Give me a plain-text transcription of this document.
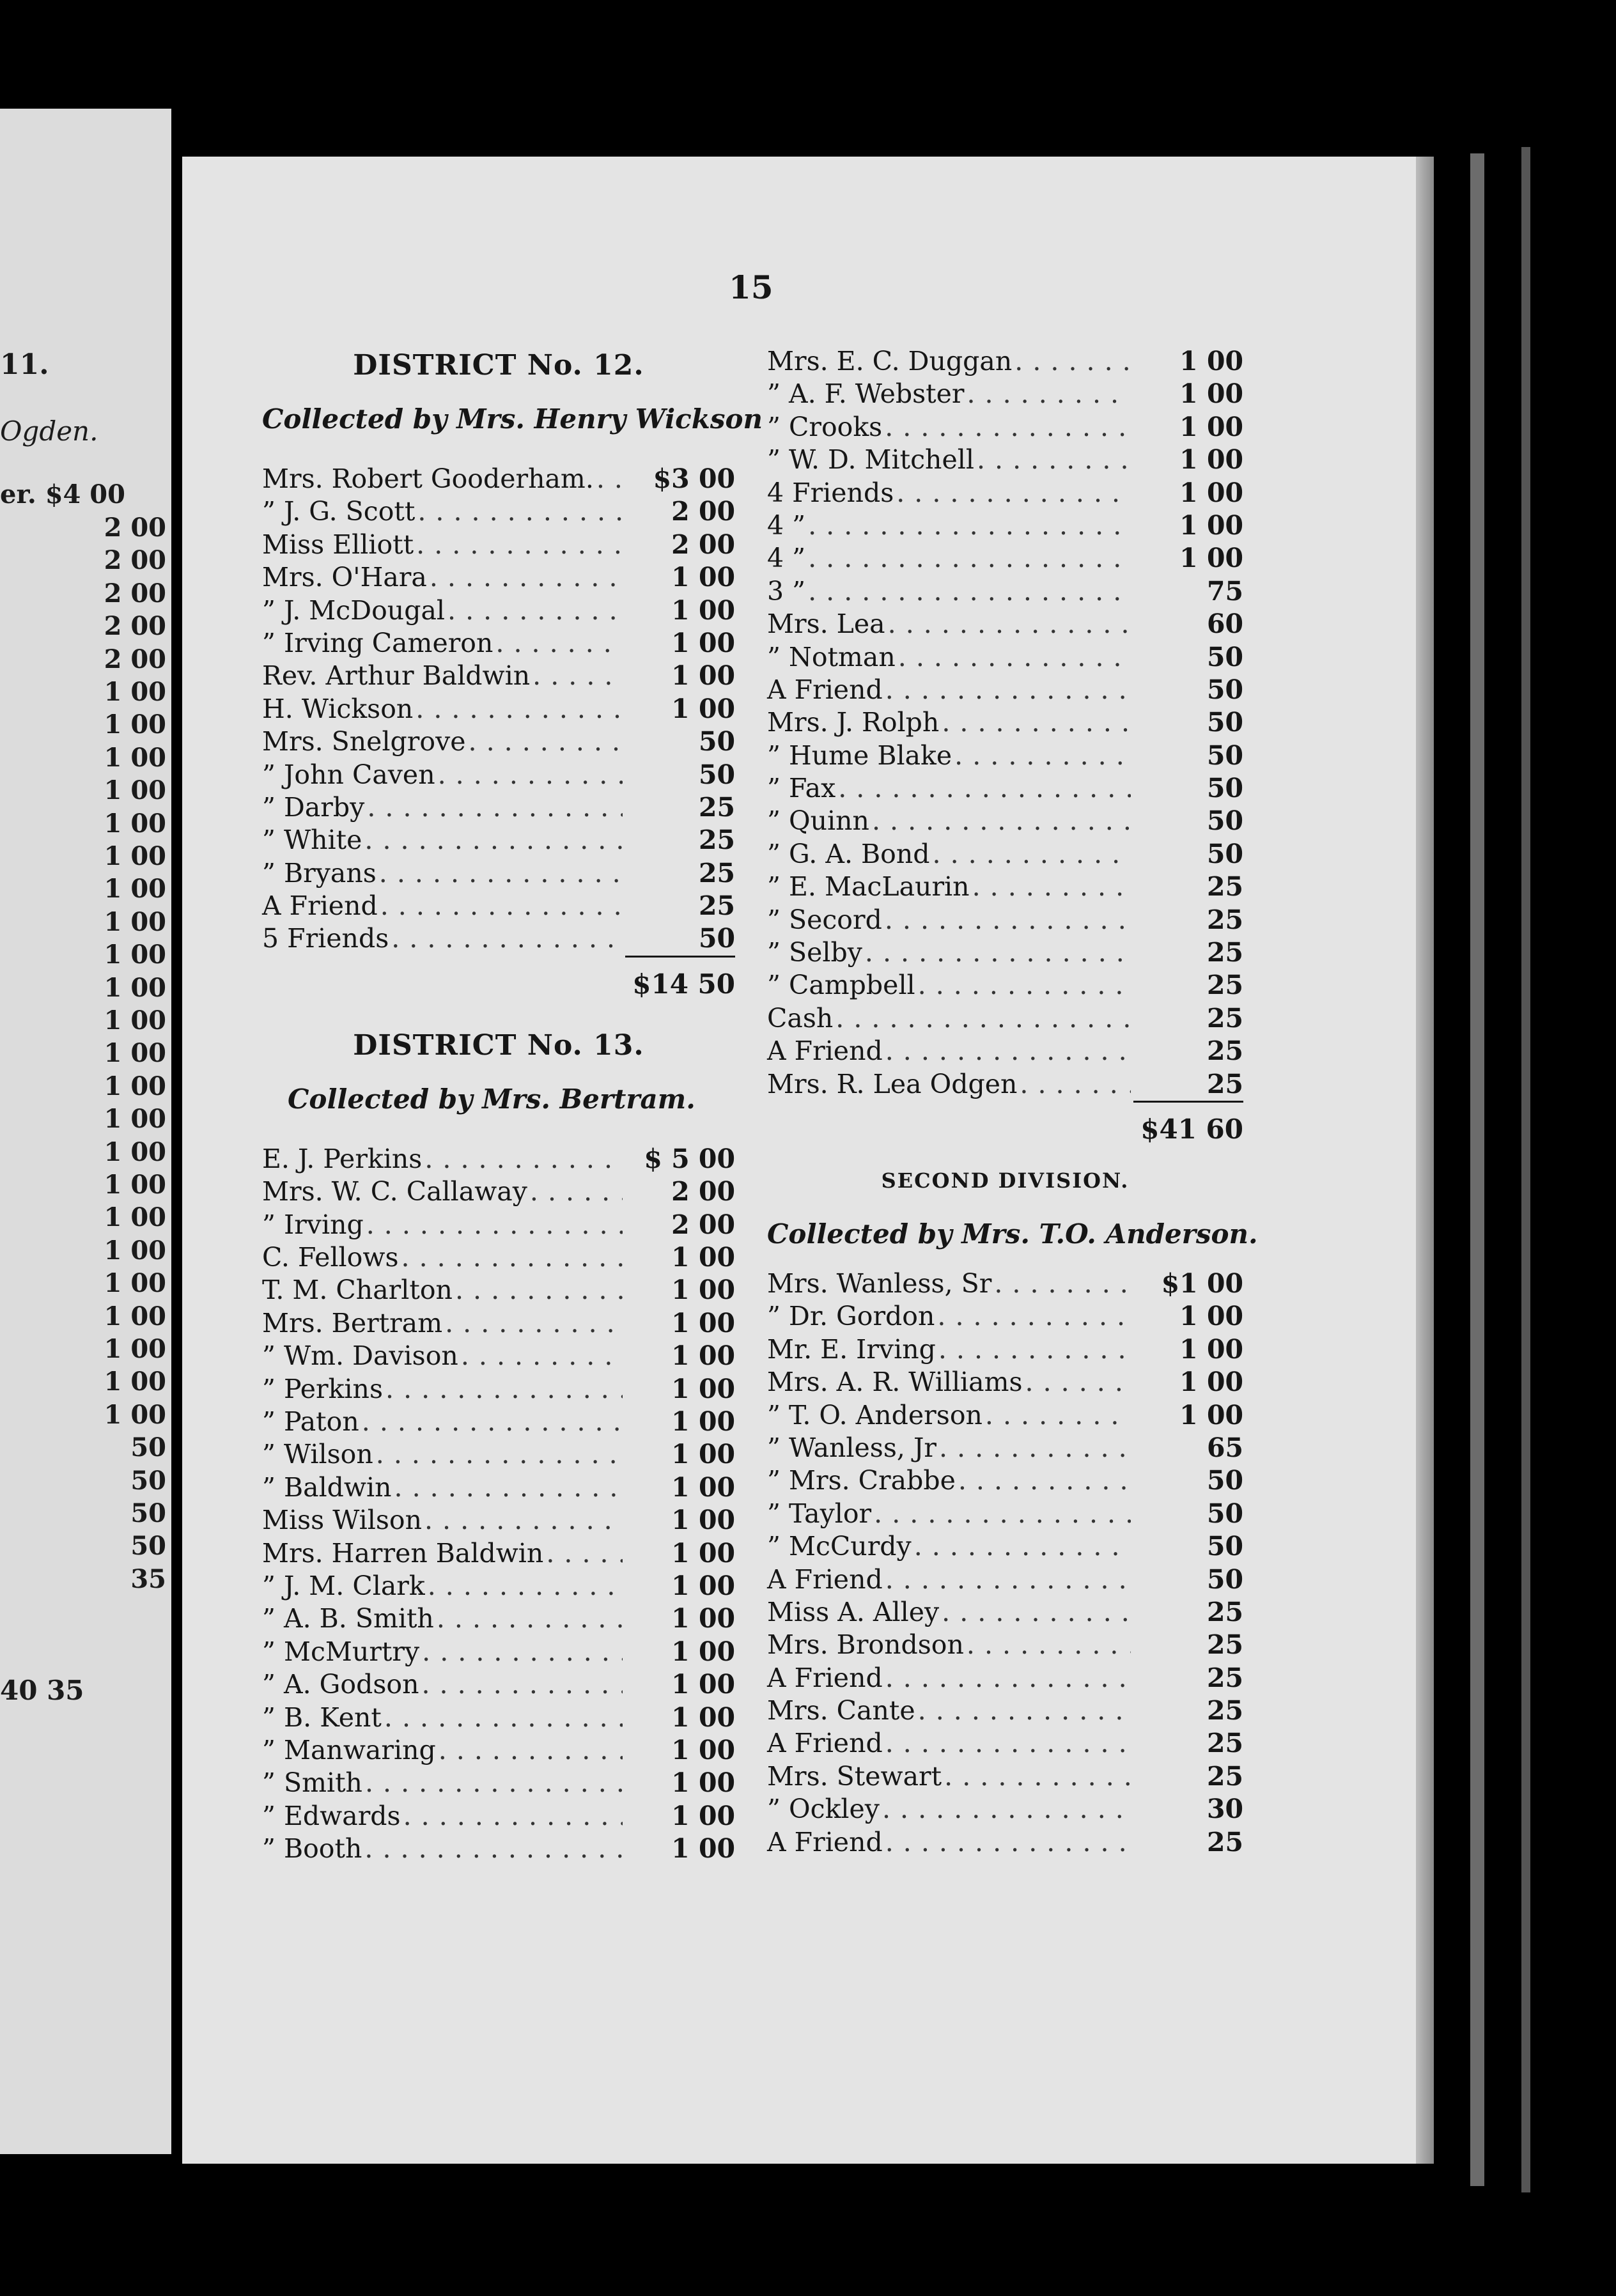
11.
Ogden.
er. $4 00
2 00
2 00
2 00
2 00
2 00
1 00
1 00
1 00
1 00
1 00
1 00
1 00
1 00
1 00
1 00
1 00
1 00
1 00
1 00
1 00
1 00
1 00
1 00
1 00
1 00
1 00
1 00
1 00
50
50
50
50
35
40 35
15
DISTRICT No. 12.
Collected by Mrs. Henry Wickson
Mrs. Robert Gooderham. . . .	$3 00
” J. G. Scott . . .	2 00
Miss Elliott . . .	2 00
Mrs. O'Hara . . .	1 00
” J. McDougal . . .	1 00
” Irving Cameron . . .	1 00
Rev. Arthur Baldwin . . .	1 00
H. Wickson . . .	1 00
Mrs. Snelgrove . . .	50
” John Caven . . .	50
” Darby . . .	25
” White . . .	25
” Bryans . . .	25
A Friend . . .	25
5 Friends . . .	50
$14 50
DISTRICT No. 13.
Collected by Mrs. Bertram.
E. J. Perkins . . .	$ 5 00
Mrs. W. C. Callaway . . .	2 00
” Irving . . .	2 00
C. Fellows . . .	1 00
T. M. Charlton . . .	1 00
Mrs. Bertram . . .	1 00
” Wm. Davison . . .	1 00
” Perkins . . .	1 00
” Paton . . .	1 00
” Wilson . . .	1 00
” Baldwin . . .	1 00
Miss Wilson . . .	1 00
Mrs. Harren Baldwin . . .	1 00
” J. M. Clark . . .	1 00
” A. B. Smith . . .	1 00
” McMurtry . . .	1 00
” A. Godson . . .	1 00
” B. Kent . . .	1 00
” Manwaring . . .	1 00
” Smith . . .	1 00
” Edwards . . .	1 00
” Booth . . .	1 00
Mrs. E. C. Duggan . . .	1 00
” A. F. Webster . . .	1 00
” Crooks . . .	1 00
” W. D. Mitchell . . .	1 00
4 Friends . . .	1 00
4 ” . . .	1 00
4 ” . . .	1 00
3 ” . . .	75
Mrs. Lea . . .	60
” Notman . . .	50
A Friend . . .	50
Mrs. J. Rolph . . .	50
” Hume Blake . . .	50
” Fax . . .	50
” Quinn . . .	50
” G. A. Bond . . .	50
” E. MacLaurin . . .	25
” Secord . . .	25
” Selby . . .	25
” Campbell . . .	25
Cash . . .	25
A Friend . . .	25
Mrs. R. Lea Odgen . . .	25
$41 60
SECOND DIVISION.
Collected by Mrs. T.O. Anderson.
Mrs. Wanless, Sr . . .	$1 00
” Dr. Gordon . . .	1 00
Mr. E. Irving . . .	1 00
Mrs. A. R. Williams . . .	1 00
” T. O. Anderson . . .	1 00
” Wanless, Jr . . .	65
” Mrs. Crabbe . . .	50
” Taylor . . .	50
” McCurdy . . .	50
A Friend . . .	50
Miss A. Alley . . .	25
Mrs. Brondson . . .	25
A Friend . . .	25
Mrs. Cante . . .	25
A Friend . . .	25
Mrs. Stewart . . .	25
” Ockley . . .	30
A Friend . . .	25
